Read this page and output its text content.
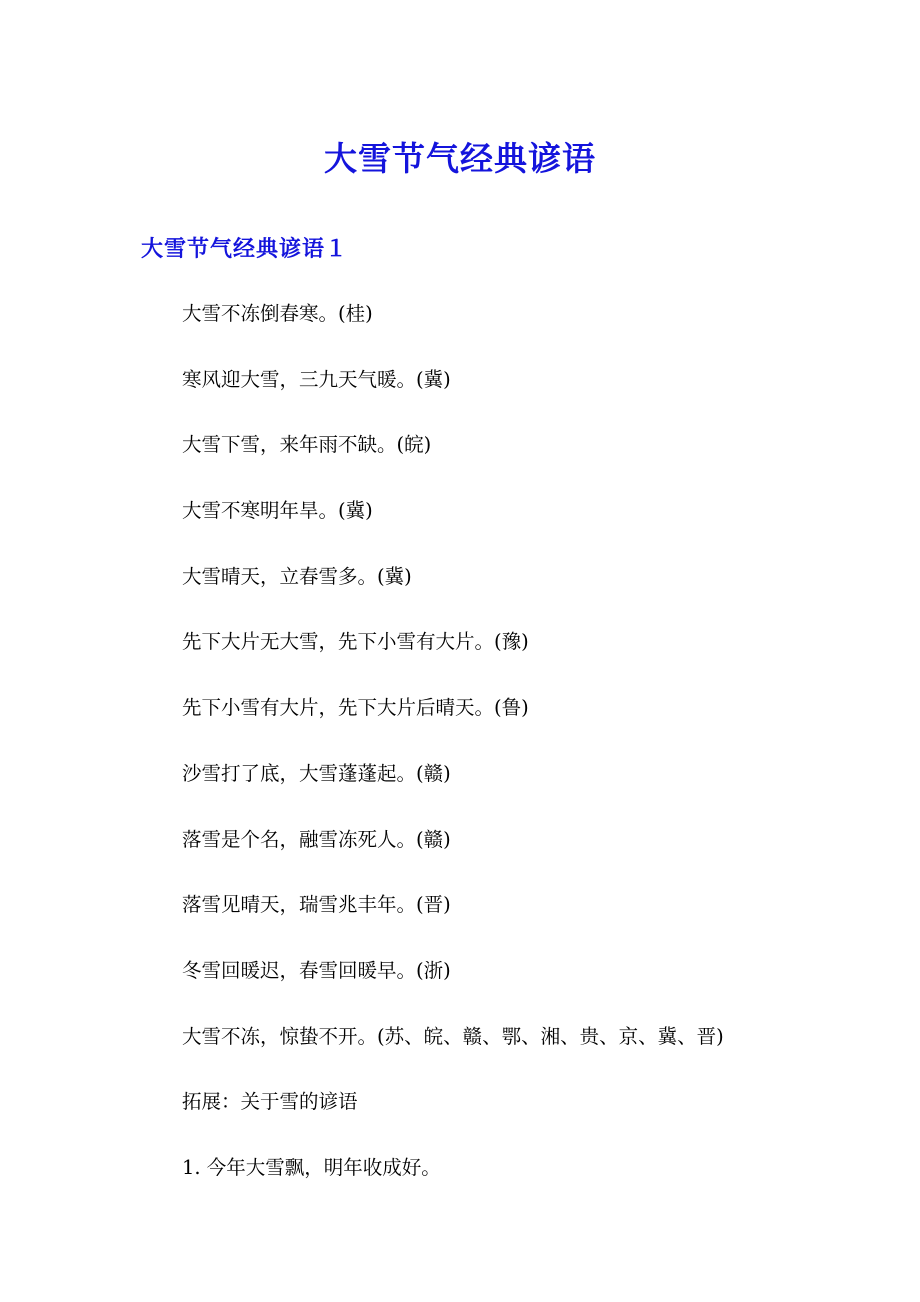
大雪节气经典谚语
大雪节气经典谚语１
大雪不冻倒春寒。(桂)
寒风迎大雪，三九天气暖。(冀)
大雪下雪，来年雨不缺。(皖)
大雪不寒明年旱。(冀)
大雪晴天，立春雪多。(冀)
先下大片无大雪，先下小雪有大片。(豫)
先下小雪有大片，先下大片后晴天。(鲁)
沙雪打了底，大雪蓬蓬起。(赣)
落雪是个名，融雪冻死人。(赣)
落雪见晴天，瑞雪兆丰年。(晋)
冬雪回暖迟，春雪回暖早。(浙)
大雪不冻，惊蛰不开。(苏、皖、赣、鄂、湘、贵、京、冀、晋)
拓展：关于雪的谚语
1. 今年大雪飘，明年收成好。
